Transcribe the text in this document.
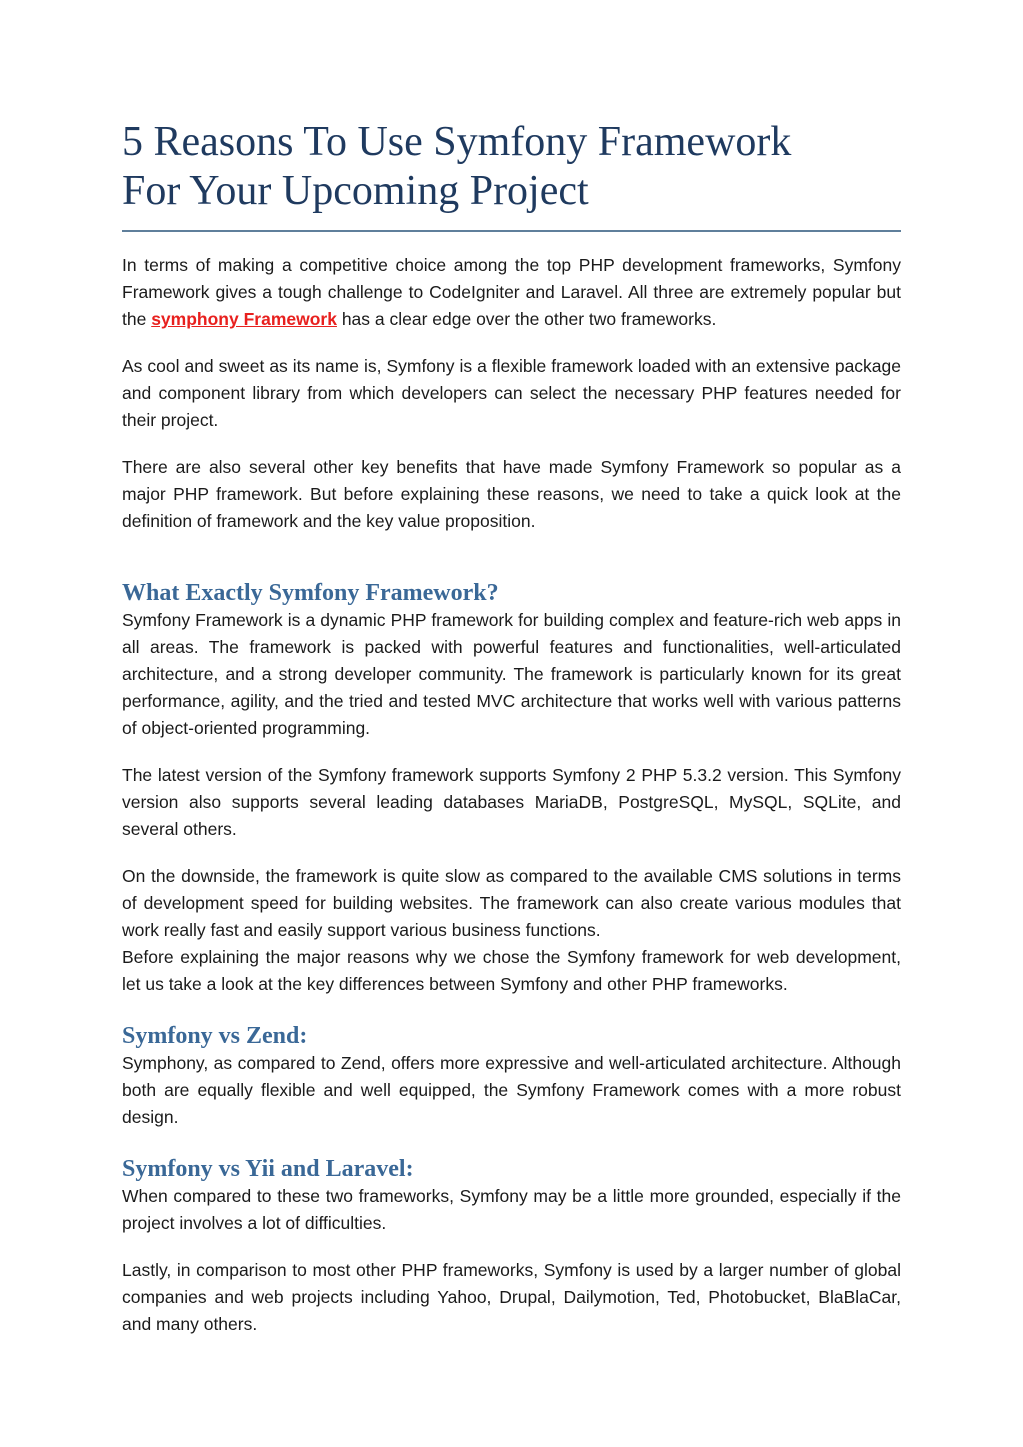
5 Reasons To Use Symfony Framework
For Your Upcoming Project

In terms of making a competitive choice among the top PHP development frameworks, Symfony Framework gives a tough challenge to CodeIgniter and Laravel. All three are extremely popular but the symphony Framework has a clear edge over the other two frameworks.

As cool and sweet as its name is, Symfony is a flexible framework loaded with an extensive package and component library from which developers can select the necessary PHP features needed for their project.

There are also several other key benefits that have made Symfony Framework so popular as a major PHP framework. But before explaining these reasons, we need to take a quick look at the definition of framework and the key value proposition.

What Exactly Symfony Framework?

Symfony Framework is a dynamic PHP framework for building complex and feature-rich web apps in all areas. The framework is packed with powerful features and functionalities, well-articulated architecture, and a strong developer community. The framework is particularly known for its great performance, agility, and the tried and tested MVC architecture that works well with various patterns of object-oriented programming.

The latest version of the Symfony framework supports Symfony 2 PHP 5.3.2 version. This Symfony version also supports several leading databases MariaDB, PostgreSQL, MySQL, SQLite, and several others.

On the downside, the framework is quite slow as compared to the available CMS solutions in terms of development speed for building websites. The framework can also create various modules that work really fast and easily support various business functions.

Before explaining the major reasons why we chose the Symfony framework for web development, let us take a look at the key differences between Symfony and other PHP frameworks.

Symfony vs Zend:

Symphony, as compared to Zend, offers more expressive and well-articulated architecture. Although both are equally flexible and well equipped, the Symfony Framework comes with a more robust design.

Symfony vs Yii and Laravel:

When compared to these two frameworks, Symfony may be a little more grounded, especially if the project involves a lot of difficulties.

Lastly, in comparison to most other PHP frameworks, Symfony is used by a larger number of global companies and web projects including Yahoo, Drupal, Dailymotion, Ted, Photobucket, BlaBlaCar, and many others.
